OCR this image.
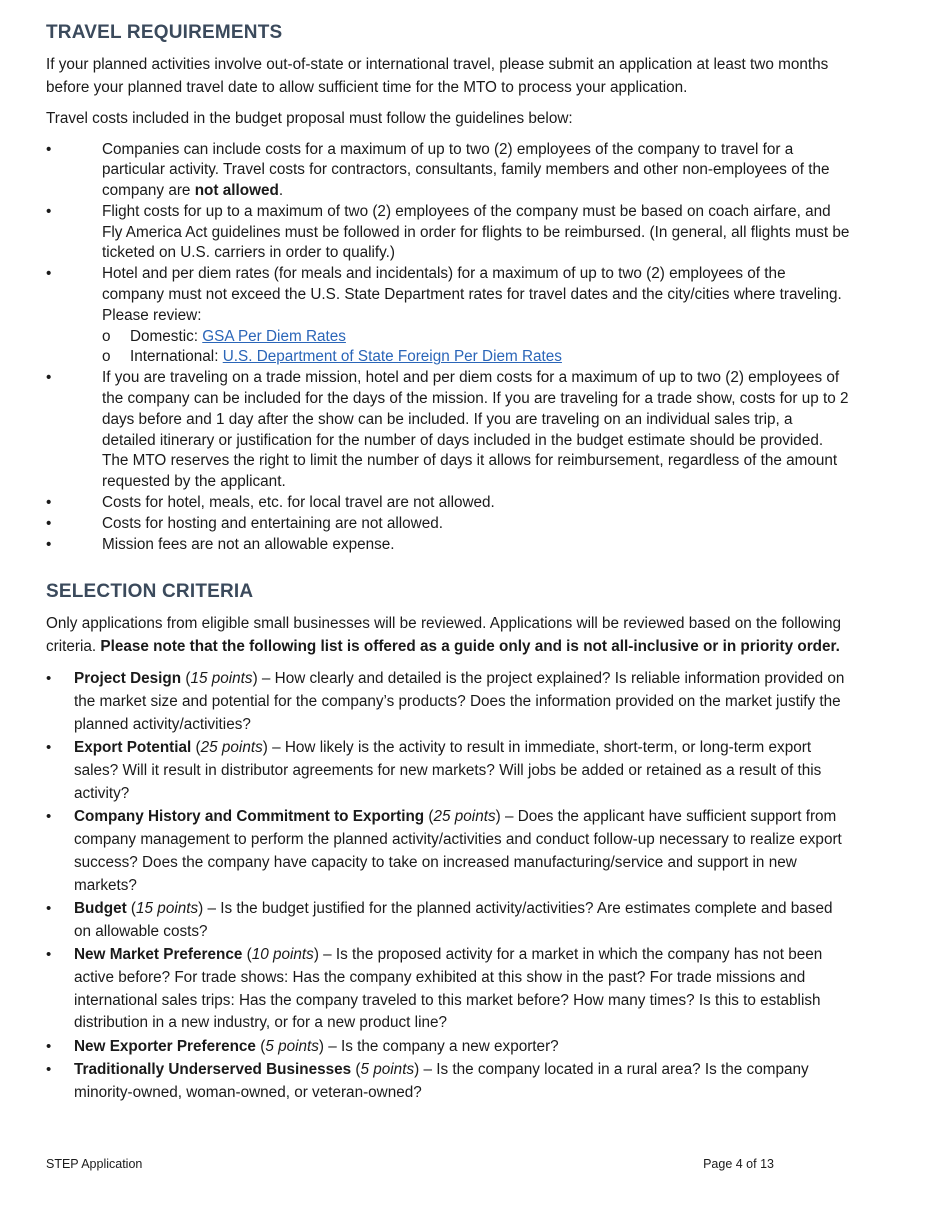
TRAVEL REQUIREMENTS

If your planned activities involve out-of-state or international travel, please submit an application at least two months before your planned travel date to allow sufficient time for the MTO to process your application.

Travel costs included in the budget proposal must follow the guidelines below:

•	Companies can include costs for a maximum of up to two (2) employees of the company to travel for a particular activity. Travel costs for contractors, consultants, family members and other non-employees of the company are not allowed.
•	Flight costs for up to a maximum of two (2) employees of the company must be based on coach airfare, and Fly America Act guidelines must be followed in order for flights to be reimbursed. (In general, all flights must be ticketed on U.S. carriers in order to qualify.)
•	Hotel and per diem rates (for meals and incidentals) for a maximum of up to two (2) employees of the company must not exceed the U.S. State Department rates for travel dates and the city/cities where traveling. Please review:
o Domestic: GSA Per Diem Rates
o International: U.S. Department of State Foreign Per Diem Rates
•	If you are traveling on a trade mission, hotel and per diem costs for a maximum of up to two (2) employees of the company can be included for the days of the mission. If you are traveling for a trade show, costs for up to 2 days before and 1 day after the show can be included. If you are traveling on an individual sales trip, a detailed itinerary or justification for the number of days included in the budget estimate should be provided. The MTO reserves the right to limit the number of days it allows for reimbursement, regardless of the amount requested by the applicant.
•	Costs for hotel, meals, etc. for local travel are not allowed.
•	Costs for hosting and entertaining are not allowed.
•	Mission fees are not an allowable expense.
SELECTION CRITERIA

Only applications from eligible small businesses will be reviewed. Applications will be reviewed based on the following criteria. Please note that the following list is offered as a guide only and is not all-inclusive or in priority order.

• Project Design (15 points) – How clearly and detailed is the project explained? Is reliable information provided on the market size and potential for the company’s products? Does the information provided on the market justify the planned activity/activities?
• Export Potential (25 points) – How likely is the activity to result in immediate, short-term, or long-term export sales? Will it result in distributor agreements for new markets? Will jobs be added or retained as a result of this activity?
• Company History and Commitment to Exporting (25 points) – Does the applicant have sufficient support from company management to perform the planned activity/activities and conduct follow-up necessary to realize export success? Does the company have capacity to take on increased manufacturing/service and support in new markets?
• Budget (15 points) – Is the budget justified for the planned activity/activities? Are estimates complete and based on allowable costs?
• New Market Preference (10 points) – Is the proposed activity for a market in which the company has not been active before? For trade shows: Has the company exhibited at this show in the past? For trade missions and international sales trips: Has the company traveled to this market before? How many times? Is this to establish distribution in a new industry, or for a new product line?
• New Exporter Preference (5 points) – Is the company a new exporter?
• Traditionally Underserved Businesses (5 points) – Is the company located in a rural area? Is the company minority-owned, woman-owned, or veteran-owned?
STEP Application	Page 4 of 13
